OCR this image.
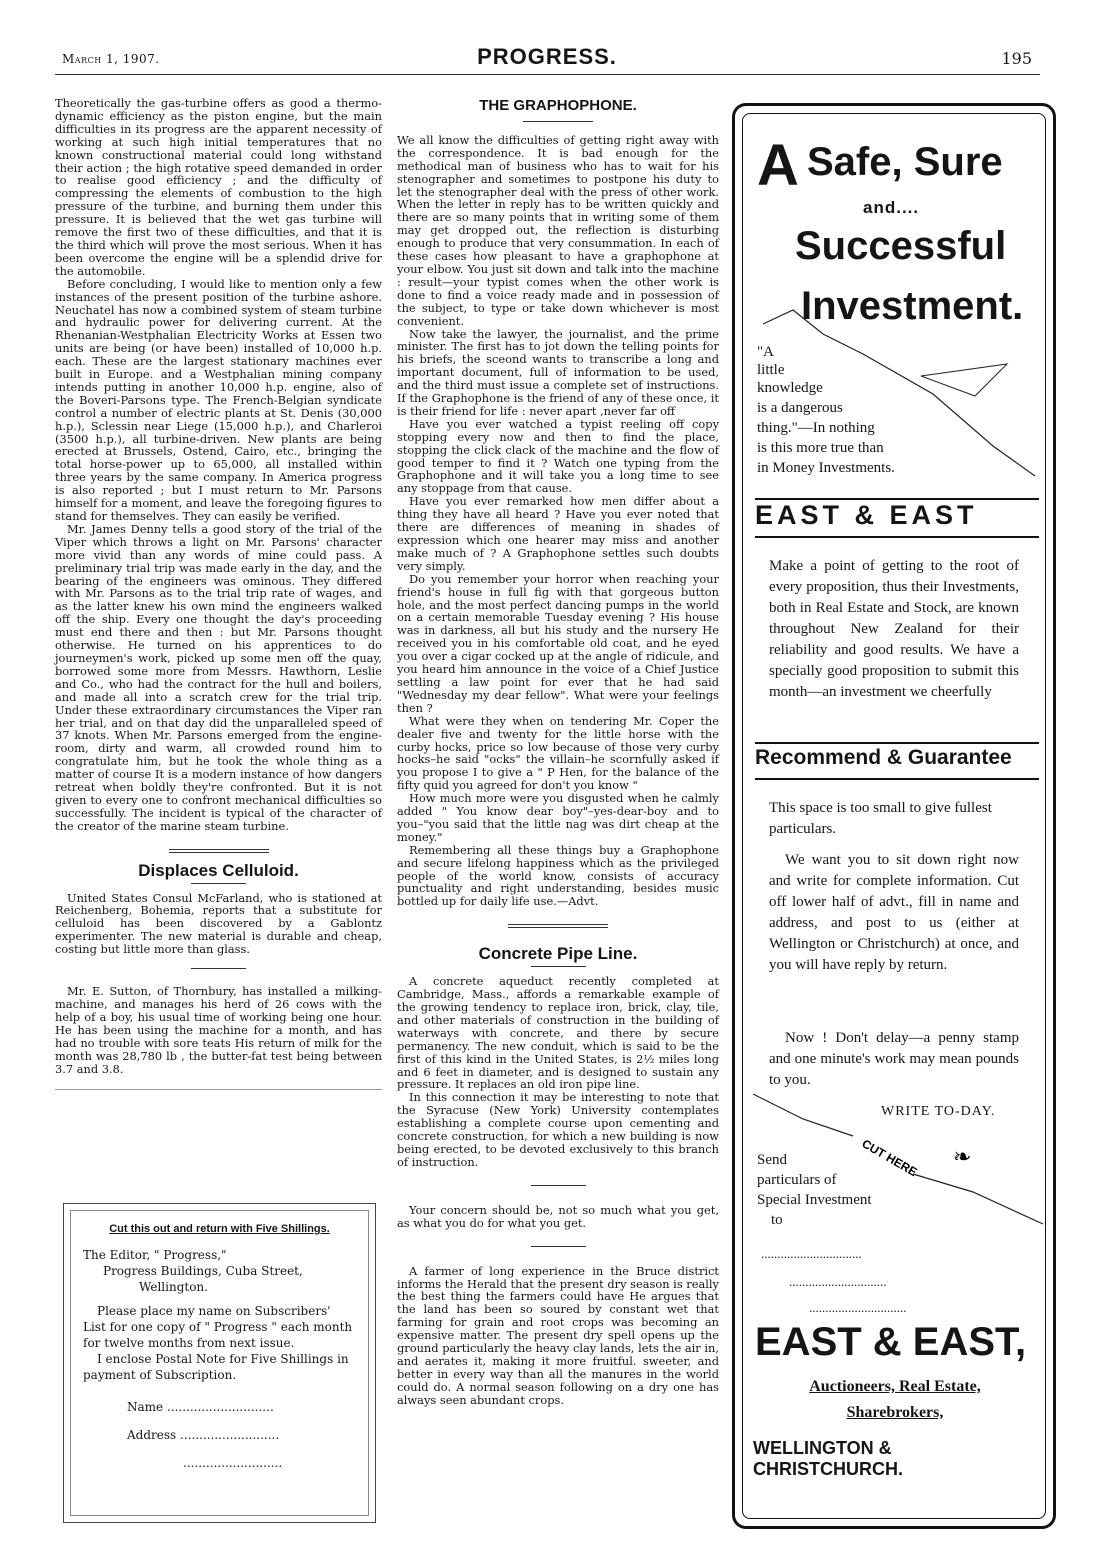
March 1, 1907.	PROGRESS.	195

Theoretically the gas-turbine offers as good a thermo-dynamic efficiency as the piston engine, but the main difficulties in its progress are the apparent necessity of working at such high initial temperatures that no known constructional material could long withstand their action ; the high rotative speed demanded in order to realise good efficiency ; and the difficulty of compressing the elements of combustion to the high pressure of the turbine, and burning them under this pressure. It is believed that the wet gas turbine will remove the first two of these difficulties, and that it is the third which will prove the most serious. When it has been overcome the engine will be a splendid drive for the automobile.

Before concluding, I would like to mention only a few instances of the present position of the turbine ashore. Neuchatel has now a combined system of steam turbine and hydraulic power for delivering current. At the Rhenanian-Westphalian Electricity Works at Essen two units are being (or have been) installed of 10,000 h.p. each. These are the largest stationary machines ever built in Europe. and a Westphalian mining company intends putting in another 10,000 h.p. engine, also of the Boveri-Parsons type. The French-Belgian syndicate control a number of electric plants at St. Denis (30,000 h.p.), Sclessin near Liege (15,000 h.p.), and Charleroi (3500 h.p.), all turbine-driven. New plants are being erected at Brussels, Ostend, Cairo, etc., bringing the total horse-power up to 65,000, all installed within three years by the same company. In America progress is also reported ; but I must return to Mr. Parsons himself for a moment, and leave the foregoing figures to stand for themselves. They can easily be verified.

Mr. James Denny tells a good story of the trial of the Viper which throws a light on Mr. Parsons' character more vivid than any words of mine could pass. A preliminary trial trip was made early in the day, and the bearing of the engineers was ominous. They differed with Mr. Parsons as to the trial trip rate of wages, and as the latter knew his own mind the engineers walked off the ship. Every one thought the day's proceeding must end there and then : but Mr. Parsons thought otherwise. He turned on his apprentices to do journeymen's work, picked up some men off the quay, borrowed some more from Messrs. Hawthorn, Leslie and Co., who had the contract for the hull and boilers, and made all into a scratch crew for the trial trip. Under these extraordinary circumstances the Viper ran her trial, and on that day did the unparalleled speed of 37 knots. When Mr. Parsons emerged from the engine-room, dirty and warm, all crowded round him to congratulate him, but he took the whole thing as a matter of course It is a modern instance of how dangers retreat when boldly they're confronted. But it is not given to every one to confront mechanical difficulties so successfully. The incident is typical of the character of the creator of the marine steam turbine.

Displaces Celluloid.

United States Consul McFarland, who is stationed at Reichenberg, Bohemia, reports that a substitute for celluloid has been discovered by a Gablontz experimenter. The new material is durable and cheap, costing but little more than glass.

Mr. E. Sutton, of Thornbury, has installed a milking-machine, and manages his herd of 26 cows with the help of a boy, his usual time of working being one hour. He has been using the machine for a month, and has had no trouble with sore teats His return of milk for the month was 28,780 lb , the butter-fat test being between 3.7 and 3.8.

Cut this out and return with Five Shillings.

The Editor, " Progress,"

Progress Buildings, Cuba Street,

Wellington.

Please place my name on Subscribers' List for one copy of " Progress " each month for twelve months from next issue.

I enclose Postal Note for Five Shillings in payment of Subscription.

Name ............................

Address ..........................

..........................

THE GRAPHOPHONE.

We all know the difficulties of getting right away with the correspondence. It is bad enough for the methodical man of business who has to wait for his stenographer and sometimes to postpone his duty to let the stenographer deal with the press of other work. When the letter in reply has to be written quickly and there are so many points that in writing some of them may get dropped out, the reflection is disturbing enough to produce that very consummation. In each of these cases how pleasant to have a graphophone at your elbow. You just sit down and talk into the machine : result—your typist comes when the other work is done to find a voice ready made and in possession of the subject, to type or take down whichever is most convenient.

Now take the lawyer, the journalist, and the prime minister. The first has to jot down the telling points for his briefs, the sceond wants to transcribe a long and important document, full of information to be used, and the third must issue a complete set of instructions. If the Graphophone is the friend of any of these once, it is their friend for life : never apart ,never far off

Have you ever watched a typist reeling off copy stopping every now and then to find the place, stopping the click clack of the machine and the flow of good temper to find it ? Watch one typing from the Graphophone and it will take you a long time to see any stoppage from that cause.

Have you ever remarked how men differ about a thing they have all heard ? Have you ever noted that there are differences of meaning in shades of expression which one hearer may miss and another make much of ? A Graphophone settles such doubts very simply.

Do you remember your horror when reaching your friend's house in full fig with that gorgeous button hole, and the most perfect dancing pumps in the world on a certain memorable Tuesday evening ? His house was in darkness, all but his study and the nursery He received you in his comfortable old coat, and he eyed you over a cigar cocked up at the angle of ridicule, and you heard him announce in the voice of a Chief Justice settling a law point for ever that he had said "Wednesday my dear fellow". What were your feelings then ?

What were they when on tendering Mr. Coper the dealer five and twenty for the little horse with the curby hocks, price so low because of those very curby hocks–he said "ocks" the villain–he scornfully asked if you propose I to give a " P Hen, for the balance of the fifty quid you agreed for don't you know "

How much more were you disgusted when he calmly added " You know dear boy"–yes-dear-boy and to you–"you said that the little nag was dirt cheap at the money."

Remembering all these things buy a Graphophone and secure lifelong happiness which as the privileged people of the world know, consists of accuracy punctuality and right understanding, besides music bottled up for daily life use.—Advt.

Concrete Pipe Line.

A concrete aqueduct recently completed at Cambridge, Mass., affords a remarkable example of the growing tendency to replace iron, brick, clay, tile, and other materials of construction in the building of waterways with concrete, and there by secure permanency. The new conduit, which is said to be the first of this kind in the United States, is 2½ miles long and 6 feet in diameter, and is designed to sustain any pressure. It replaces an old iron pipe line.

In this connection it may be interesting to note that the Syracuse (New York) University contemplates establishing a complete course upon cementing and concrete construction, for which a new building is now being erected, to be devoted exclusively to this branch of instruction.

Your concern should be, not so much what you get, as what you do for what you get.

A farmer of long experience in the Bruce district informs the Herald that the present dry season is really the best thing the farmers could have He argues that the land has been so soured by constant wet that farming for grain and root crops was becoming an expensive matter. The present dry spell opens up the ground particularly the heavy clay lands, lets the air in, and aerates it, making it more fruitful. sweeter, and better in every way than all the manures in the world could do. A normal season following on a dry one has always seen abundant crops.

A Safe, Sure
and....
Successful
Investment.
"A
little
knowledge
is a dangerous
thing."—In nothing
is this more true than
in Money Investments.
EAST & EAST
Make a point of getting to the root of every proposition, thus their Investments, both in Real Estate and Stock, are known throughout New Zealand for their reliability and good results. We have a specially good proposition to submit this month—an investment we cheerfully
Recommend & Guarantee
This space is too small to give fullest particulars.
We want you to sit down right now and write for complete information. Cut off lower half of advt., fill in name and address, and post to us (either at Wellington or Christchurch) at once, and you will have reply by return.
Now ! Don't delay—a penny stamp and one minute's work may mean pounds to you.
CUT HERE ❧
WRITE TO-DAY.
Send
particulars of
Special Investment
to
...............................
..............................
..............................
EAST & EAST,
Auctioneers, Real Estate,
Sharebrokers,
WELLINGTON & CHRISTCHURCH.
